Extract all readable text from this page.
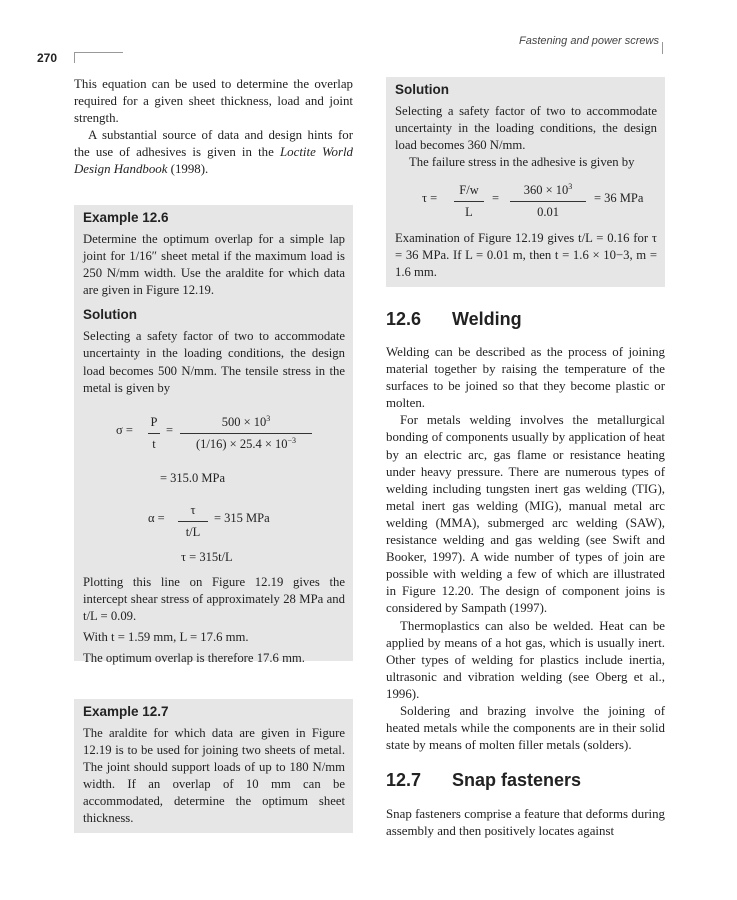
270
Fastening and power screws

This equation can be used to determine the overlap required for a given sheet thickness, load and joint strength.

A substantial source of data and design hints for the use of adhesives is given in the Loctite World Design Handbook (1998).

Example 12.6

Determine the optimum overlap for a simple lap joint for 1/16″ sheet metal if the maximum load is 250 N/mm width. Use the araldite for which data are given in Figure 12.19.

Solution

Selecting a safety factor of two to accommodate uncertainty in the loading conditions, the design load becomes 500 N/mm. The tensile stress in the metal is given by

σ =
P
t
=
$500 \times 10^3$
$(1/16) \times 25.4 \times 10^{-3}$
= 315.0 MPa
α =
τ
t/L
= 315 MPa
τ = 315t/L

Plotting this line on Figure 12.19 gives the intercept shear stress of approximately 28 MPa and t/L = 0.09.

With t = 1.59 mm, L = 17.6 mm.

The optimum overlap is therefore 17.6 mm.

Example 12.7

The araldite for which data are given in Figure 12.19 is to be used for joining two sheets of metal. The joint should support loads of up to 180 N/mm width. If an overlap of 10 mm can be accommodated, determine the optimum sheet thickness.

Solution

Selecting a safety factor of two to accommodate uncertainty in the loading conditions, the design load becomes 360 N/mm.

The failure stress in the adhesive is given by

τ =
F/w
L
=
$360 \times 10^3$
0.01
= 36 MPa

Examination of Figure 12.19 gives t/L = 0.16 for τ = 36 MPa. If L = 0.01 m, then t = 1.6 × 10−3, m = 1.6 mm.

12.6 Welding

Welding can be described as the process of joining material together by raising the temperature of the surfaces to be joined so that they become plastic or molten.

For metals welding involves the metallurgical bonding of components usually by application of heat by an electric arc, gas flame or resistance heating under heavy pressure. There are numerous types of welding including tungsten inert gas welding (TIG), metal inert gas welding (MIG), manual metal arc welding (MMA), submerged arc welding (SAW), resistance welding and gas welding (see Swift and Booker, 1997). A wide number of types of join are possible with welding a few of which are illustrated in Figure 12.20. The design of component joins is considered by Sampath (1997).

Thermoplastics can also be welded. Heat can be applied by means of a hot gas, which is usually inert. Other types of welding for plastics include inertia, ultrasonic and vibration welding (see Oberg et al., 1996).

Soldering and brazing involve the joining of heated metals while the components are in their solid state by means of molten filler metals (solders).

12.7 Snap fasteners

Snap fasteners comprise a feature that deforms during assembly and then positively locates against
